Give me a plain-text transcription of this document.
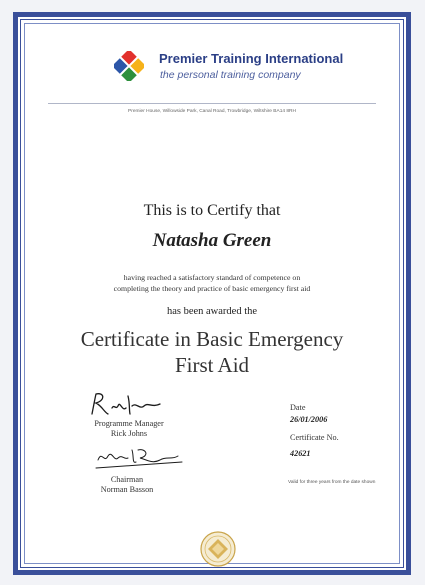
Premier Training International
the personal training company
Premier House, Willowside Park, Canal Road, Trowbridge, Wiltshire BA14 8RH
This is to Certify that
Natasha Green
having reached a satisfactory standard of competence on
completing the theory and practice of basic emergency first aid
has been awarded the
Certificate in Basic Emergency
First Aid
Programme Manager
Rick Johns
Chairman
Norman Basson
Date
26/01/2006
Certificate No.
42621
Valid for three years from the date shown
